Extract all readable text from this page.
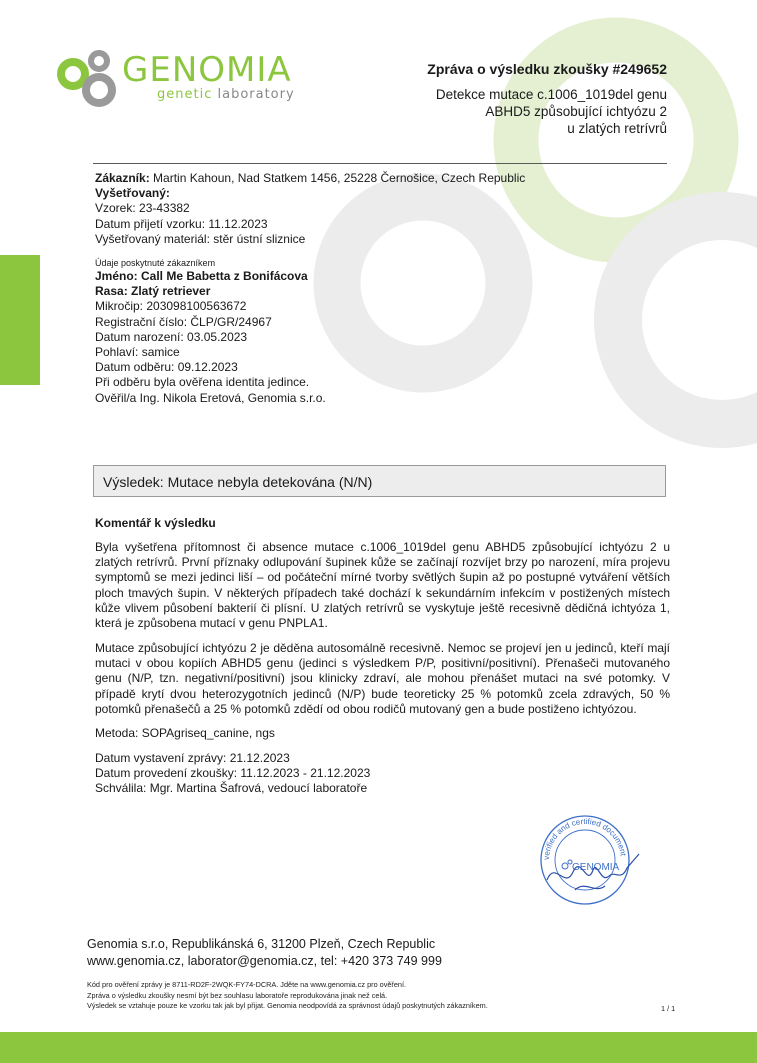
GENOMIA
genetic laboratory
Zpráva o výsledku zkoušky #249652
Detekce mutace c.1006_1019del genu
ABHD5 způsobující ichtyózu 2
u zlatých retrívrů
Zákazník: Martin Kahoun, Nad Statkem 1456, 25228 Černošice, Czech Republic
Vyšetřovaný:
Vzorek: 23-43382
Datum přijetí vzorku: 11.12.2023
Vyšetřovaný materiál: stěr ústní sliznice
Údaje poskytnuté zákazníkem
Jméno: Call Me Babetta z Bonifácova
Rasa: Zlatý retriever
Mikročip: 203098100563672
Registrační číslo: ČLP/GR/24967
Datum narození: 03.05.2023
Pohlaví: samice
Datum odběru: 09.12.2023
Při odběru byla ověřena identita jedince.
Ověřil/a Ing. Nikola Eretová, Genomia s.r.o.
Výsledek: Mutace nebyla detekována (N/N)
Komentář k výsledku
Byla vyšetřena přítomnost či absence mutace c.1006_1019del genu ABHD5 způsobující ichtyózu 2 u zlatých retrívrů. První příznaky odlupování šupinek kůže se začínají rozvíjet brzy po narození, míra projevu symptomů se mezi jedinci liší – od počáteční mírné tvorby světlých šupin až po postupné vytváření větších ploch tmavých šupin. V některých případech také dochází k sekundárním infekcím v postižených místech kůže vlivem působení bakterií či plísní. U zlatých retrívrů se vyskytuje ještě recesivně dědičná ichtyóza 1, která je způsobena mutací v genu PNPLA1.
Mutace způsobující ichtyózu 2 je děděna autosomálně recesivně. Nemoc se projeví jen u jedinců, kteří mají mutaci v obou kopiích ABHD5 genu (jedinci s výsledkem P/P, positivní/positivní). Přenašeči mutovaného genu (N/P, tzn. negativní/positivní) jsou klinicky zdraví, ale mohou přenášet mutaci na své potomky. V případě krytí dvou heterozygotních jedinců (N/P) bude teoreticky 25 % potomků zcela zdravých, 50 % potomků přenašečů a 25 % potomků zdědí od obou rodičů mutovaný gen a bude postiženo ichtyózou.
Metoda: SOPAgriseq_canine, ngs
Datum vystavení zprávy: 21.12.2023
Datum provedení zkoušky: 11.12.2023 - 21.12.2023
Schválila: Mgr. Martina Šafrová, vedoucí laboratoře
verified and certified document
GENOMIA
Genomia s.r.o, Republikánská 6, 31200 Plzeň, Czech Republic
www.genomia.cz, laborator@genomia.cz, tel: +420 373 749 999
Kód pro ověření zprávy je 8711-RD2F-2WQK-FY74-DCRA. Jděte na www.genomia.cz pro ověření.
Zpráva o výsledku zkoušky nesmí být bez souhlasu laboratoře reprodukována jinak než celá.
Výsledek se vztahuje pouze ke vzorku tak jak byl přijat. Genomia neodpovídá za správnost údajů poskytnutých zákazníkem.	1 / 1
